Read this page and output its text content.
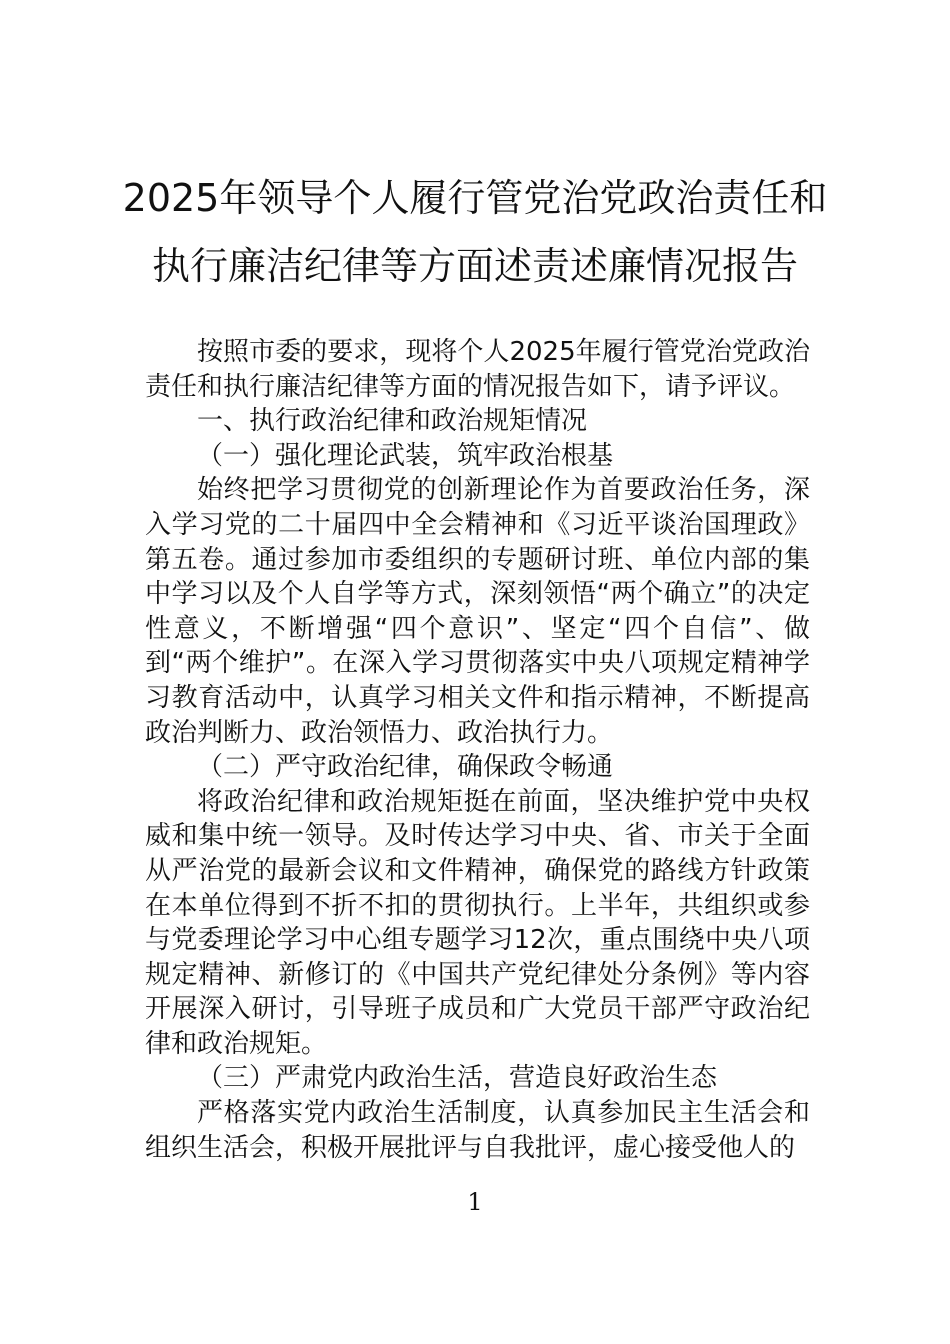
2025年领导个人履行管党治党政治责任和
执行廉洁纪律等方面述责述廉情况报告

按照市委的要求，现将个人2025年履行管党治党政治责任和执行廉洁纪律等方面的情况报告如下，请予评议。

一、执行政治纪律和政治规矩情况

（一）强化理论武装，筑牢政治根基

始终把学习贯彻党的创新理论作为首要政治任务，深入学习党的二十届四中全会精神和《习近平谈治国理政》第五卷。通过参加市委组织的专题研讨班、单位内部的集中学习以及个人自学等方式，深刻领悟“两个确立”的决定性意义，不断增强“四个意识”、坚定“四个自信”、做到“两个维护”。在深入学习贯彻落实中央八项规定精神学习教育活动中，认真学习相关文件和指示精神，不断提高政治判断力、政治领悟力、政治执行力。

（二）严守政治纪律，确保政令畅通

将政治纪律和政治规矩挺在前面，坚决维护党中央权威和集中统一领导。及时传达学习中央、省、市关于全面从严治党的最新会议和文件精神，确保党的路线方针政策在本单位得到不折不扣的贯彻执行。上半年，共组织或参与党委理论学习中心组专题学习12次，重点围绕中央八项规定精神、新修订的《中国共产党纪律处分条例》等内容开展深入研讨，引导班子成员和广大党员干部严守政治纪律和政治规矩。

（三）严肃党内政治生活，营造良好政治生态

严格落实党内政治生活制度，认真参加民主生活会和组织生活会，积极开展批评与自我批评，虚心接受他人的

1
